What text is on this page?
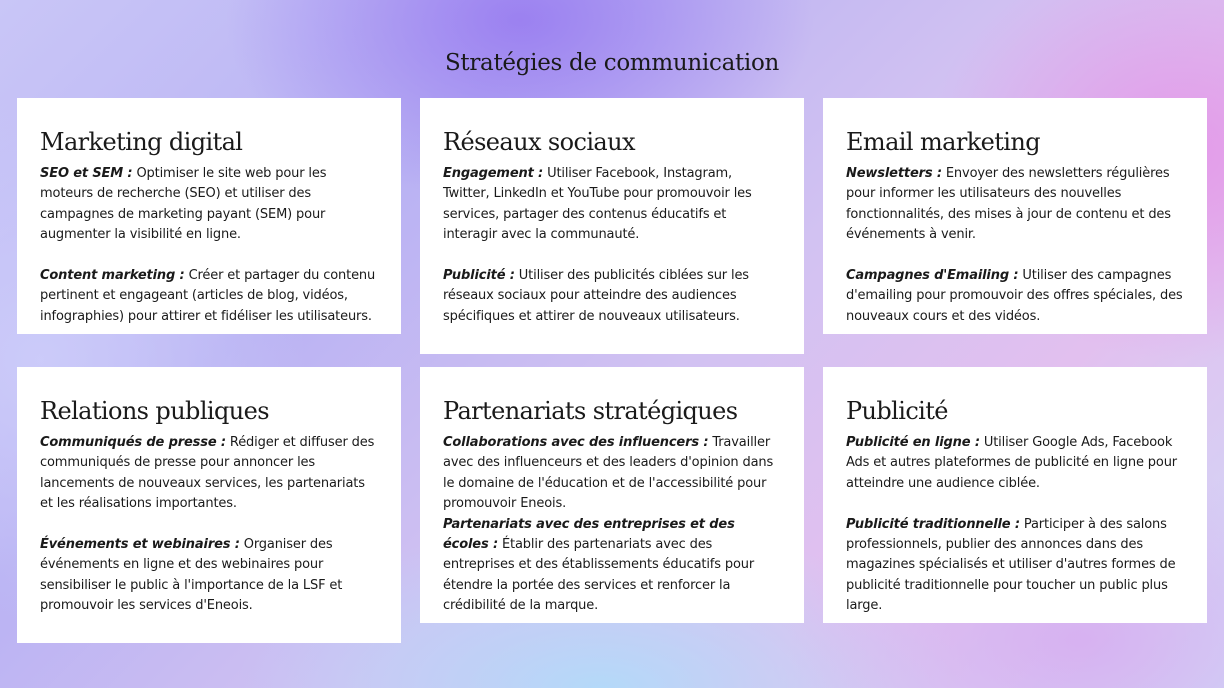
Stratégies de communication
Marketing digital

SEO et SEM : Optimiser le site web pour les moteurs de recherche (SEO) et utiliser des campagnes de marketing payant (SEM) pour augmenter la visibilité en ligne.

Content marketing : Créer et partager du contenu pertinent et engageant (articles de blog, vidéos, infographies) pour attirer et fidéliser les utilisateurs.

Réseaux sociaux

Engagement : Utiliser Facebook, Instagram, Twitter, LinkedIn et YouTube pour promouvoir les services, partager des contenus éducatifs et interagir avec la communauté.

Publicité : Utiliser des publicités ciblées sur les réseaux sociaux pour atteindre des audiences spécifiques et attirer de nouveaux utilisateurs.

Email marketing

Newsletters : Envoyer des newsletters régulières pour informer les utilisateurs des nouvelles fonctionnalités, des mises à jour de contenu et des événements à venir.

Campagnes d'Emailing : Utiliser des campagnes d'emailing pour promouvoir des offres spéciales, des nouveaux cours et des vidéos.

Relations publiques

Communiqués de presse : Rédiger et diffuser des communiqués de presse pour annoncer les lancements de nouveaux services, les partenariats et les réalisations importantes.

Événements et webinaires : Organiser des événements en ligne et des webinaires pour sensibiliser le public à l'importance de la LSF et promouvoir les services d'Eneois.

Partenariats stratégiques

Collaborations avec des influencers : Travailler avec des influenceurs et des leaders d'opinion dans le domaine de l'éducation et de l'accessibilité pour promouvoir Eneois.

Partenariats avec des entreprises et des écoles : Établir des partenariats avec des entreprises et des établissements éducatifs pour étendre la portée des services et renforcer la crédibilité de la marque.

Publicité

Publicité en ligne : Utiliser Google Ads, Facebook Ads et autres plateformes de publicité en ligne pour atteindre une audience ciblée.

Publicité traditionnelle : Participer à des salons professionnels, publier des annonces dans des magazines spécialisés et utiliser d'autres formes de publicité traditionnelle pour toucher un public plus large.
